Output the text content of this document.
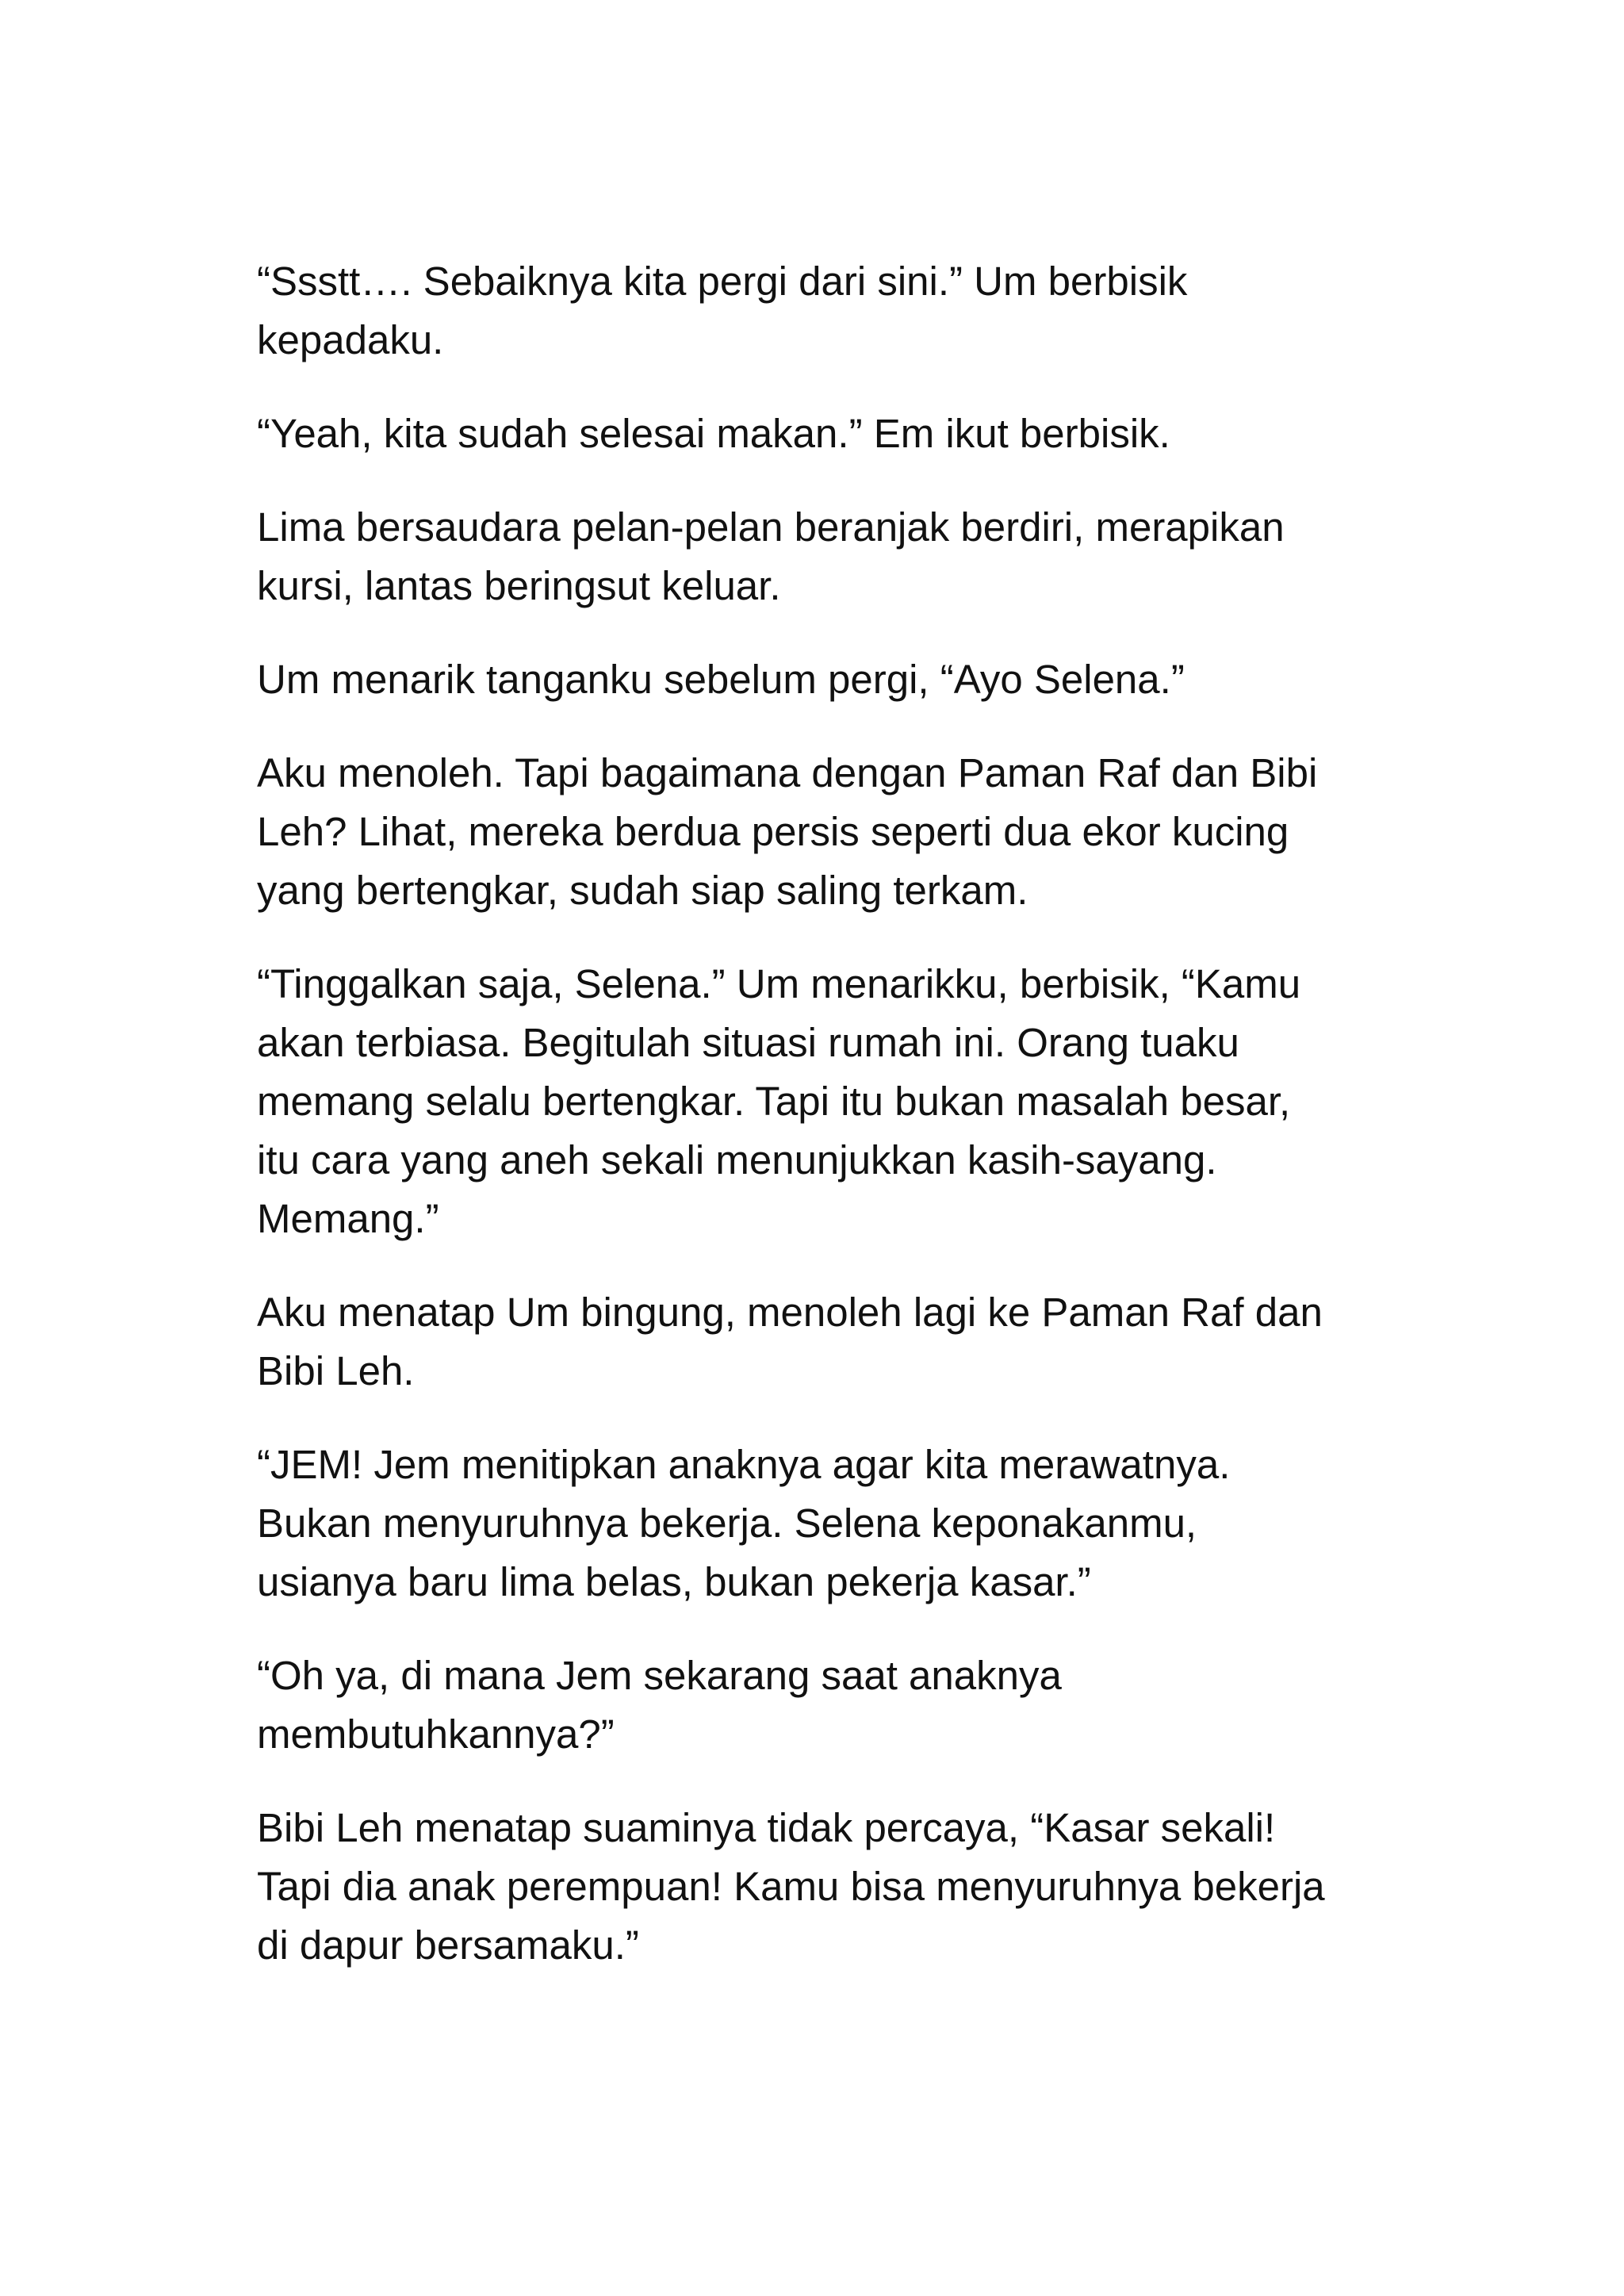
“Ssstt…. Sebaiknya kita pergi dari sini.” Um berbisik
kepadaku.

“Yeah, kita sudah selesai makan.” Em ikut berbisik.

Lima bersaudara pelan-pelan beranjak berdiri, merapikan
kursi, lantas beringsut keluar.

Um menarik tanganku sebelum pergi, “Ayo Selena.”

Aku menoleh. Tapi bagaimana dengan Paman Raf dan Bibi
Leh? Lihat, mereka berdua persis seperti dua ekor kucing
yang bertengkar, sudah siap saling terkam.

“Tinggalkan saja, Selena.” Um menarikku, berbisik, “Kamu
akan terbiasa. Begitulah situasi rumah ini. Orang tuaku
memang selalu bertengkar. Tapi itu bukan masalah besar,
itu cara yang aneh sekali menunjukkan kasih-sayang.
Memang.”

Aku menatap Um bingung, menoleh lagi ke Paman Raf dan
Bibi Leh.

“JEM! Jem menitipkan anaknya agar kita merawatnya.
Bukan menyuruhnya bekerja. Selena keponakanmu,
usianya baru lima belas, bukan pekerja kasar.”

“Oh ya, di mana Jem sekarang saat anaknya
membutuhkannya?”

Bibi Leh menatap suaminya tidak percaya, “Kasar sekali!
Tapi dia anak perempuan! Kamu bisa menyuruhnya bekerja
di dapur bersamaku.”
